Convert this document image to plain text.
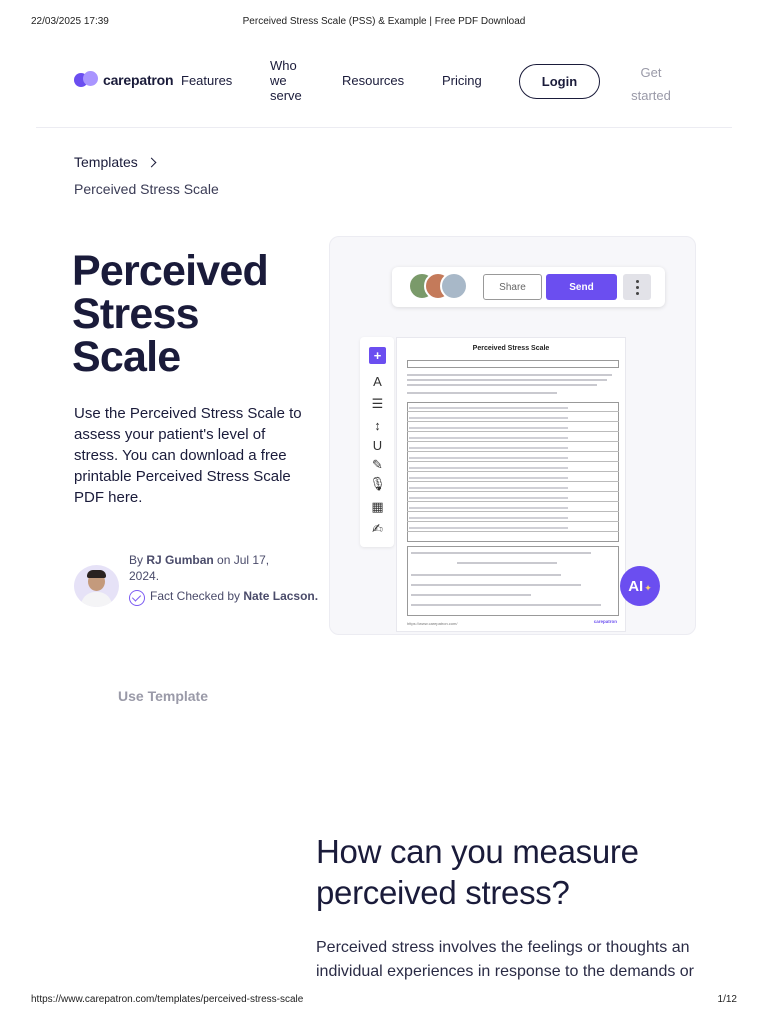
22/03/2025 17:39	Perceived Stress Scale (PSS) & Example | Free PDF Download
carepatron Features
Who we serve
Resources	Pricing	Login
Get started
Templates
Perceived Stress Scale
Perceived Stress Scale

Use the Perceived Stress Scale to assess your patient's level of stress. You can download a free printable Perceived Stress Scale PDF here.

By RJ Gumban on Jul 17, 2024.
Fact Checked by Nate Lacson.
Use Template
Share	Send
+
A
☰
↕
U
✎
🎙
▦
✍
Perceived Stress Scale
https://www.carepatron.com/	carepatron
AI ✦
How can you measure perceived stress?

Perceived stress involves the feelings or thoughts an individual experiences in response to the demands or

https://www.carepatron.com/templates/perceived-stress-scale	1/12
